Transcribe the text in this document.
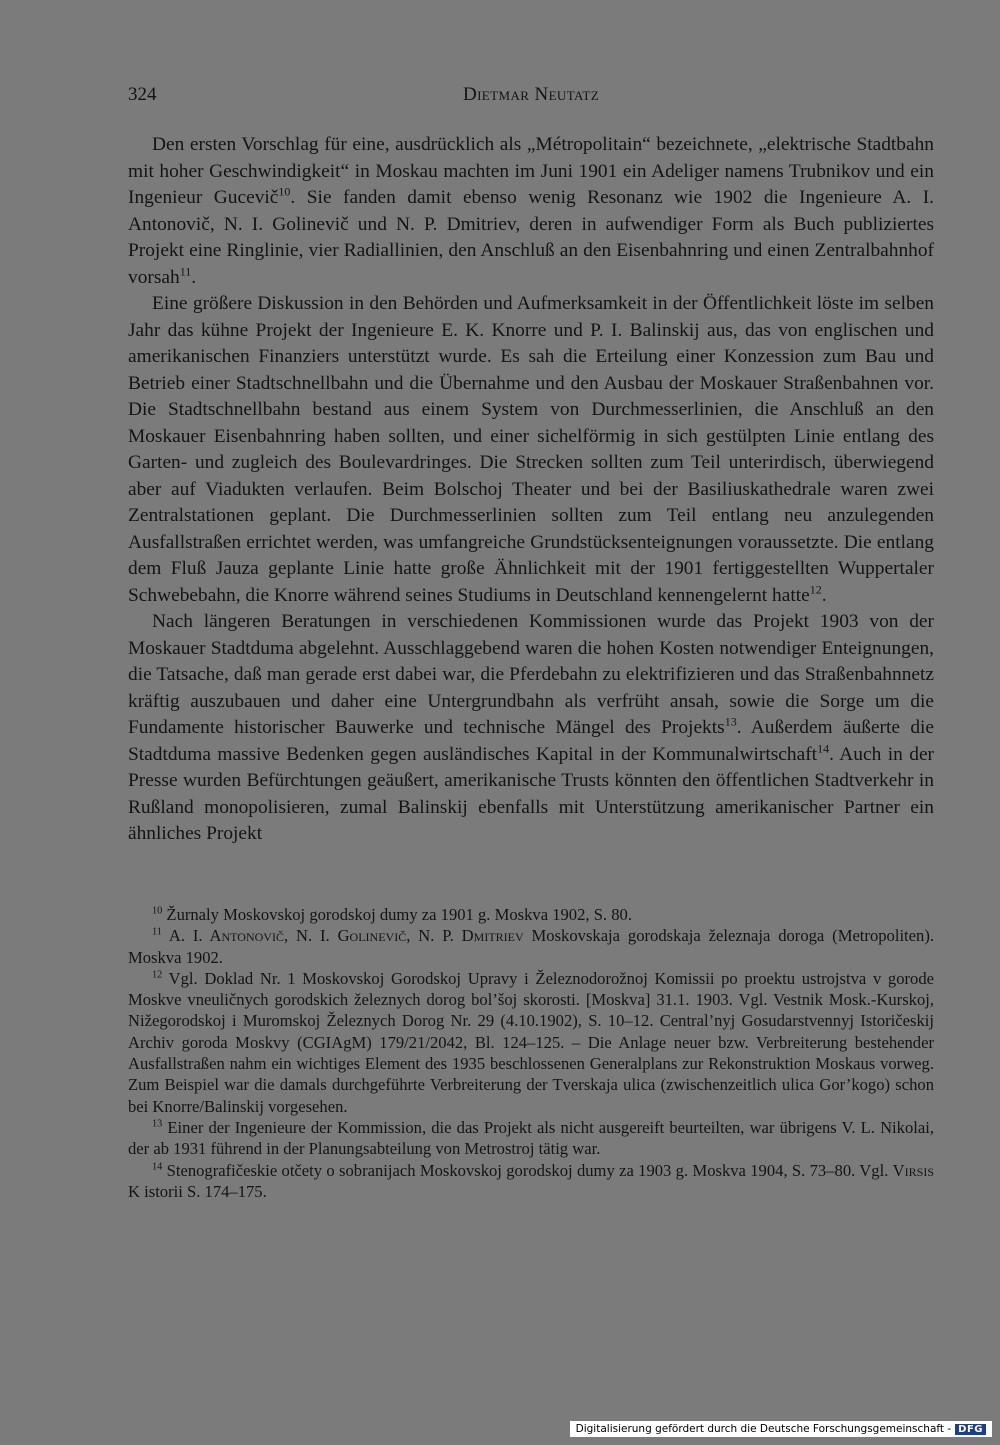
324	Dietmar Neutatz

Den ersten Vorschlag für eine, ausdrücklich als „Métropolitain“ bezeichnete, „elektrische Stadtbahn mit hoher Geschwindigkeit“ in Moskau machten im Juni 1901 ein Adeliger namens Trubnikov und ein Ingenieur Gucevič$^{10}$. Sie fanden damit ebenso wenig Resonanz wie 1902 die Ingenieure A. I. Antonovič, N. I. Golinevič und N. P. Dmitriev, deren in aufwendiger Form als Buch publiziertes Projekt eine Ringlinie, vier Radiallinien, den Anschluß an den Eisenbahnring und einen Zentralbahnhof vorsah$^{11}$.

Eine größere Diskussion in den Behörden und Aufmerksamkeit in der Öffentlichkeit löste im selben Jahr das kühne Projekt der Ingenieure E. K. Knorre und P. I. Balinskij aus, das von englischen und amerikanischen Finanziers unterstützt wurde. Es sah die Erteilung einer Konzession zum Bau und Betrieb einer Stadtschnellbahn und die Übernahme und den Ausbau der Moskauer Straßenbahnen vor. Die Stadtschnellbahn bestand aus einem System von Durchmesserlinien, die Anschluß an den Moskauer Eisenbahnring haben sollten, und einer sichelförmig in sich gestülpten Linie entlang des Garten- und zugleich des Boulevardringes. Die Strecken sollten zum Teil unterirdisch, überwiegend aber auf Viadukten verlaufen. Beim Bolschoj Theater und bei der Basiliuskathedrale waren zwei Zentralstationen geplant. Die Durchmesserlinien sollten zum Teil entlang neu anzulegenden Ausfallstraßen errichtet werden, was umfangreiche Grundstücksenteignungen voraussetzte. Die entlang dem Fluß Jauza geplante Linie hatte große Ähnlichkeit mit der 1901 fertiggestellten Wuppertaler Schwebebahn, die Knorre während seines Studiums in Deutschland kennengelernt hatte$^{12}$.

Nach längeren Beratungen in verschiedenen Kommissionen wurde das Projekt 1903 von der Moskauer Stadtduma abgelehnt. Ausschlaggebend waren die hohen Kosten notwendiger Enteignungen, die Tatsache, daß man gerade erst dabei war, die Pferdebahn zu elektrifizieren und das Straßenbahnnetz kräftig auszubauen und daher eine Untergrundbahn als verfrüht ansah, sowie die Sorge um die Fundamente historischer Bauwerke und technische Mängel des Projekts$^{13}$. Außerdem äußerte die Stadtduma massive Bedenken gegen ausländisches Kapital in der Kommunalwirtschaft$^{14}$. Auch in der Presse wurden Befürchtungen geäußert, amerikanische Trusts könnten den öffentlichen Stadtverkehr in Rußland monopolisieren, zumal Balinskij ebenfalls mit Unterstützung amerikanischer Partner ein ähnliches Projekt

$^{10}$ Žurnaly Moskovskoj gorodskoj dumy za 1901 g. Moskva 1902, S. 80.

$^{11}$ A. I. Antonovič, N. I. Golinevič, N. P. Dmitriev Moskovskaja gorodskaja železnaja doroga (Metropoliten). Moskva 1902.

$^{12}$ Vgl. Doklad Nr. 1 Moskovskoj Gorodskoj Upravy i Železnodorožnoj Komissii po proektu ustrojstva v gorode Moskve vneuličnych gorodskich železnych dorog bol’šoj skorosti. [Moskva] 31.1. 1903. Vgl. Vestnik Mosk.-Kurskoj, Nižegorodskoj i Muromskoj Železnych Dorog Nr. 29 (4.10.1902), S. 10–12. Central’nyj Gosudarstvennyj Istoričeskij Archiv goroda Moskvy (CGIAgM) 179/21/2042, Bl. 124–125. – Die Anlage neuer bzw. Verbreiterung bestehender Ausfallstraßen nahm ein wichtiges Element des 1935 beschlossenen Generalplans zur Rekonstruktion Moskaus vorweg. Zum Beispiel war die damals durchgeführte Verbreiterung der Tverskaja ulica (zwischenzeitlich ulica Gor’kogo) schon bei Knorre/Balinskij vorgesehen.

$^{13}$ Einer der Ingenieure der Kommission, die das Projekt als nicht ausgereift beurteilten, war übrigens V. L. Nikolai, der ab 1931 führend in der Planungsabteilung von Metrostroj tätig war.

$^{14}$ Stenografičeskie otčety o sobranijach Moskovskoj gorodskoj dumy za 1903 g. Moskva 1904, S. 73–80. Vgl. Virsis K istorii S. 174–175.

Digitalisierung gefördert durch die Deutsche Forschungsgemeinschaft - DFG
